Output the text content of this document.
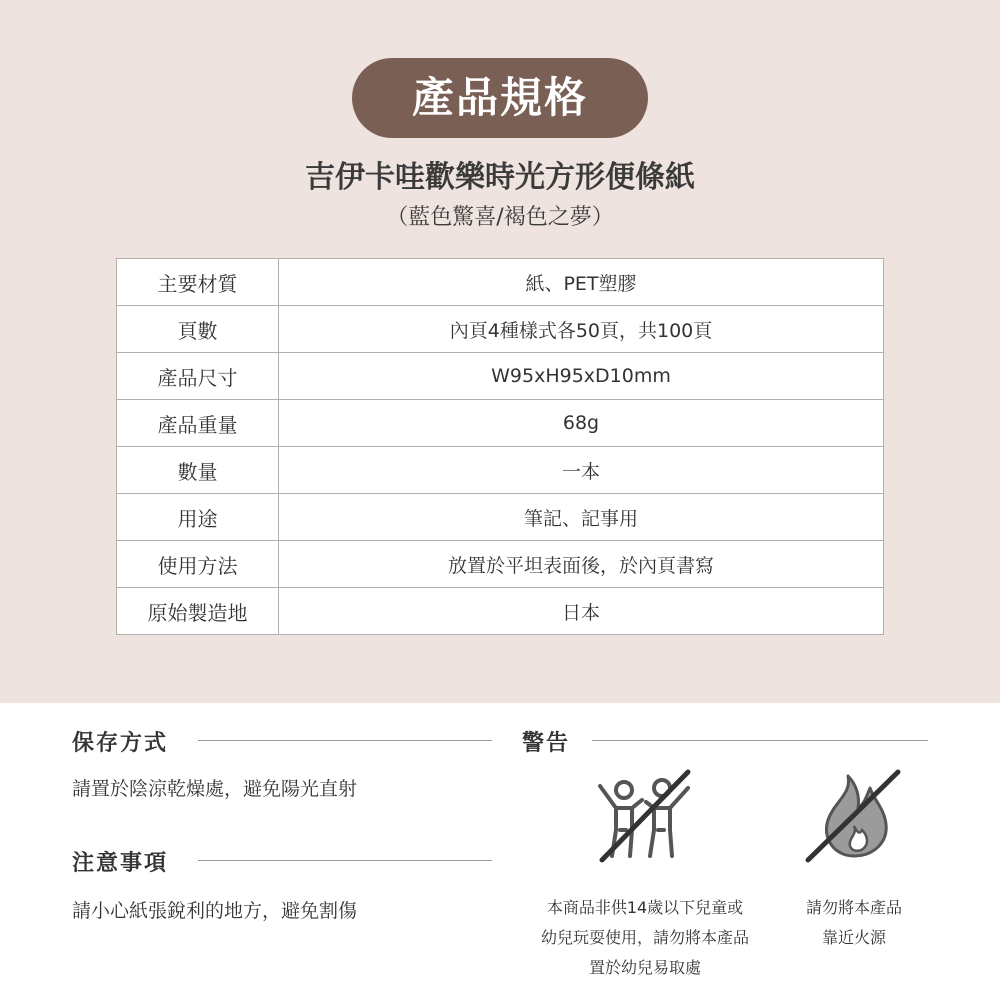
產品規格
吉伊卡哇歡樂時光方形便條紙
（藍色驚喜/褐色之夢）
主要材質	紙、PET塑膠
頁數	內頁4種樣式各50頁，共100頁
產品尺寸	W95xH95xD10mm
產品重量	68g
數量	一本
用途	筆記、記事用
使用方法	放置於平坦表面後，於內頁書寫
原始製造地	日本
保存方式
請置於陰涼乾燥處，避免陽光直射
注意事項
請小心紙張銳利的地方，避免割傷
警告
本商品非供14歲以下兒童或
幼兒玩耍使用，請勿將本產品
置於幼兒易取處
請勿將本產品
靠近火源
